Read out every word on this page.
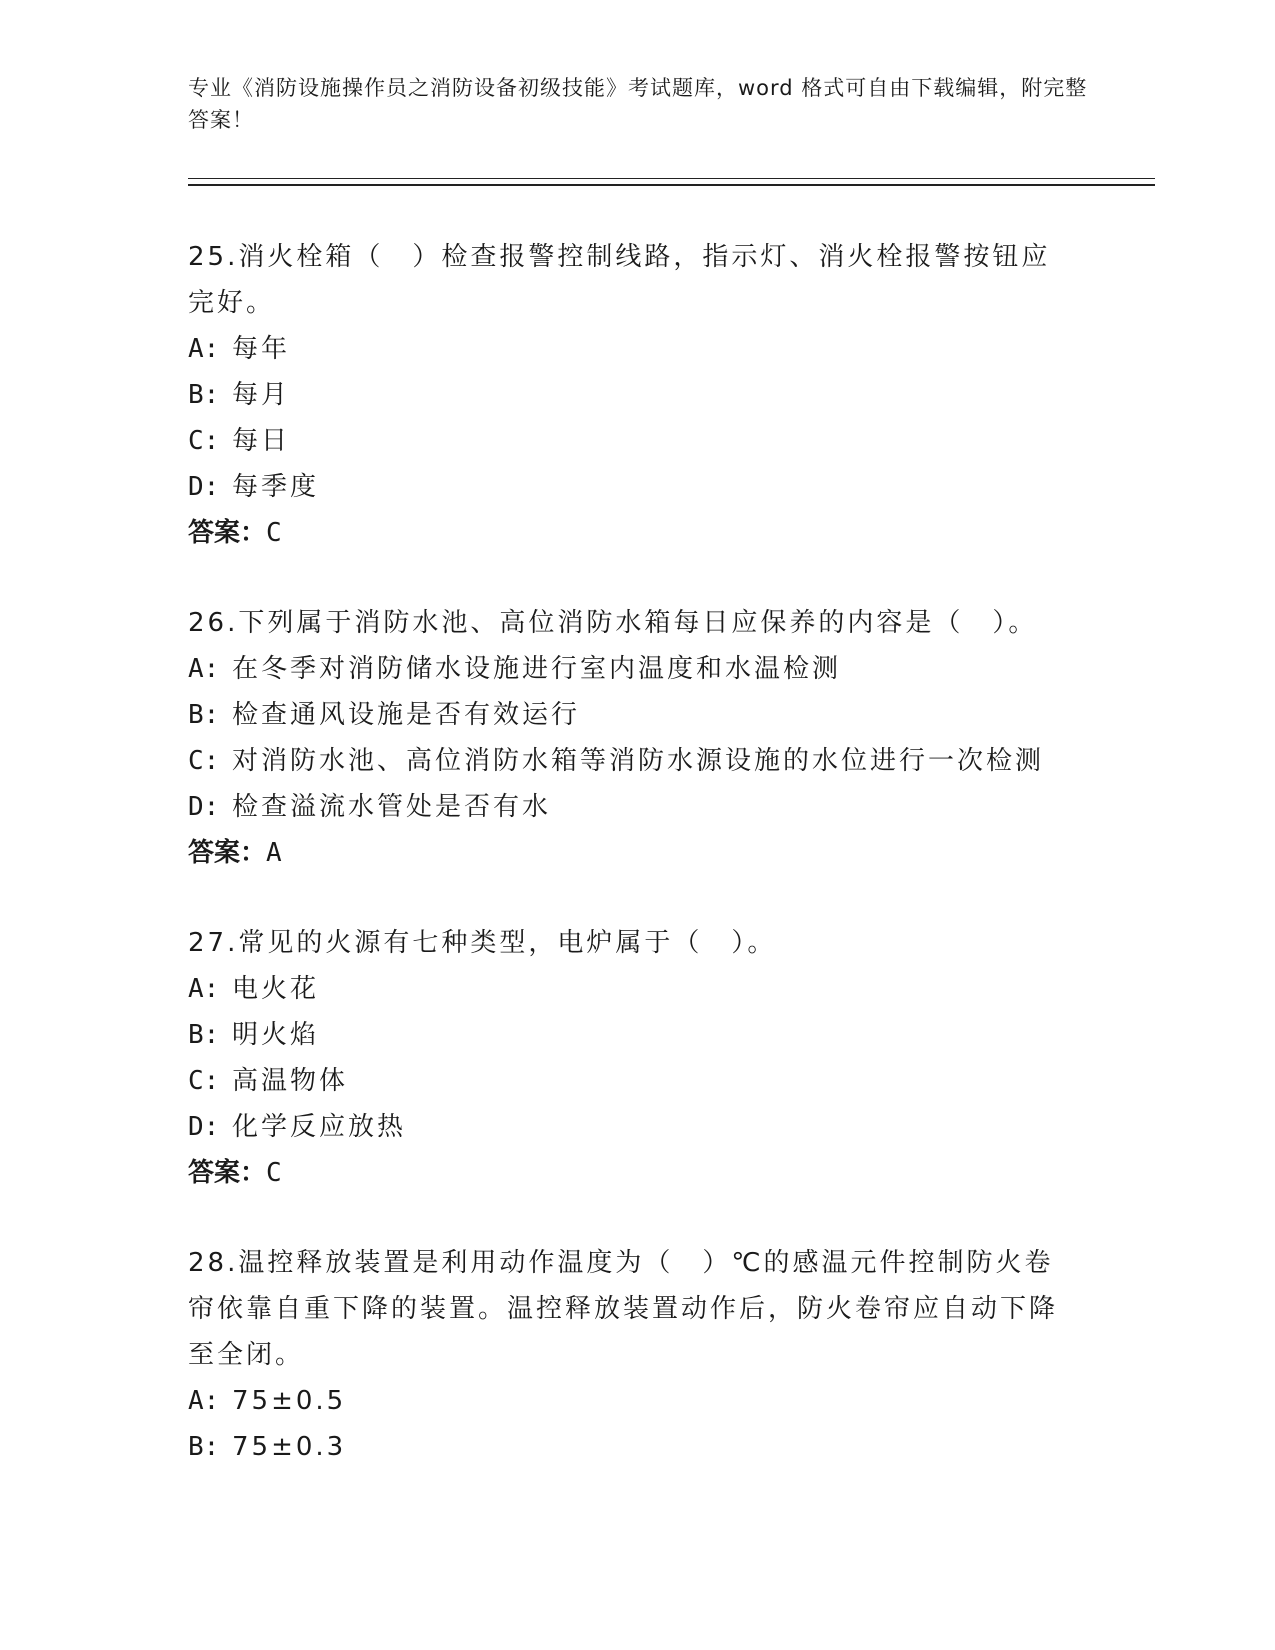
专业《消防设施操作员之消防设备初级技能》考试题库，word 格式可自由下载编辑，附完整答案！

25.消火栓箱（　）检查报警控制线路，指示灯、消火栓报警按钮应完好。

A: 每年

B: 每月

C: 每日

D: 每季度

答案：C

26.下列属于消防水池、高位消防水箱每日应保养的内容是（　）。

A: 在冬季对消防储水设施进行室内温度和水温检测

B: 检查通风设施是否有效运行

C: 对消防水池、高位消防水箱等消防水源设施的水位进行一次检测

D: 检查溢流水管处是否有水

答案：A

27.常见的火源有七种类型，电炉属于（　）。

A: 电火花

B: 明火焰

C: 高温物体

D: 化学反应放热

答案：C

28.温控释放装置是利用动作温度为（　）℃的感温元件控制防火卷帘依靠自重下降的装置。温控释放装置动作后，防火卷帘应自动下降至全闭。

A: 75±0.5

B: 75±0.3
